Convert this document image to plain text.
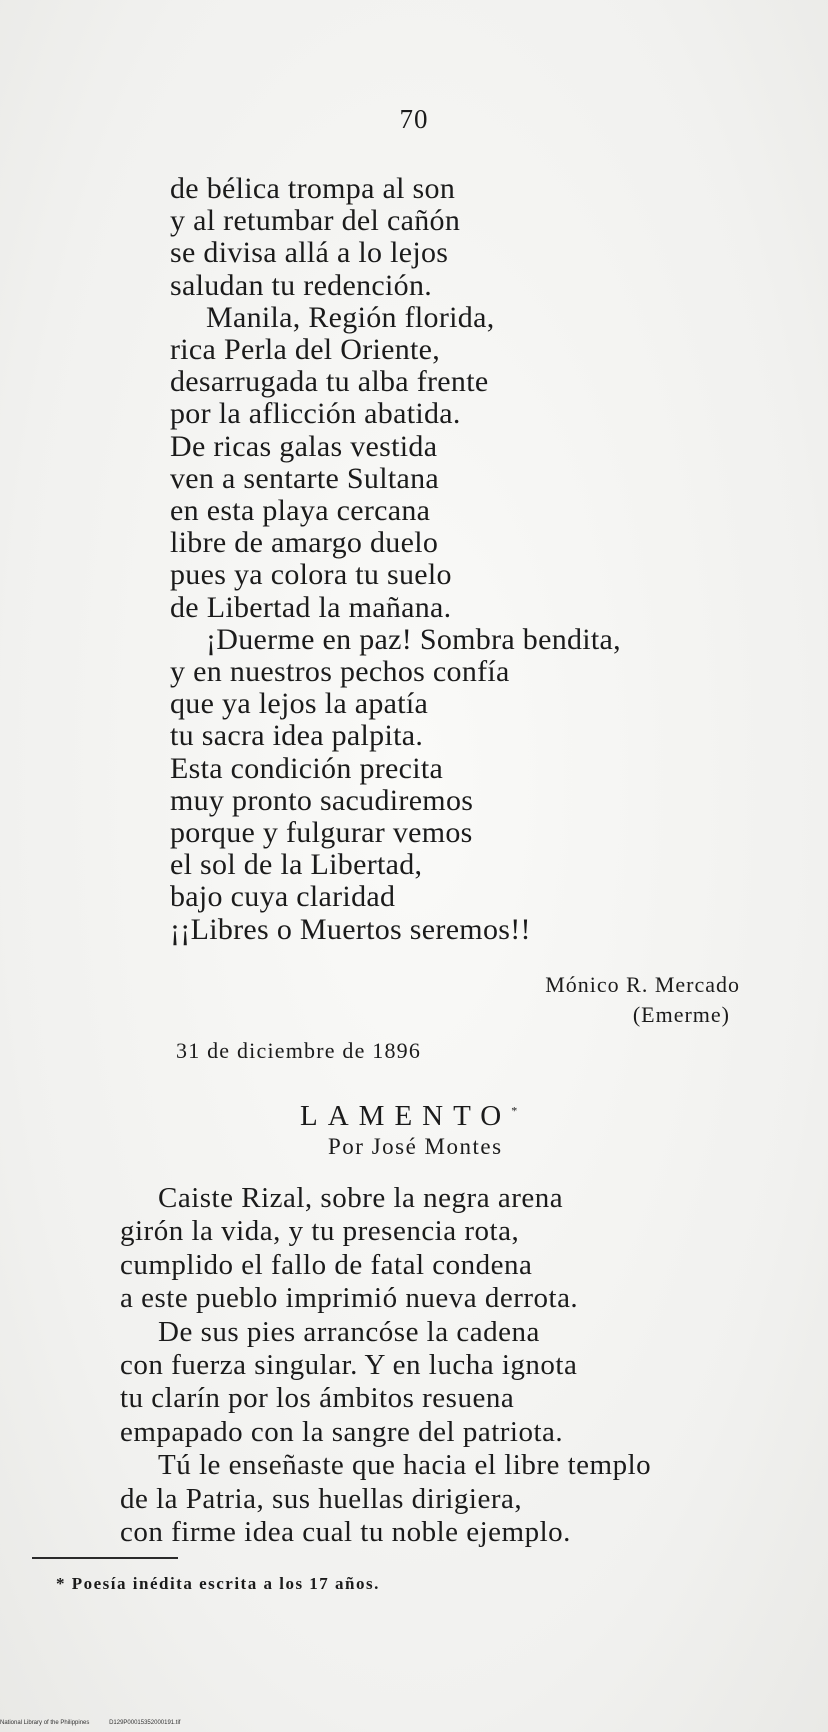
70
de bélica trompa al son
y al retumbar del cañón
se divisa allá a lo lejos
saludan tu redención.
Manila, Región florida,
rica Perla del Oriente,
desarrugada tu alba frente
por la aflicción abatida.
De ricas galas vestida
ven a sentarte Sultana
en esta playa cercana
libre de amargo duelo
pues ya colora tu suelo
de Libertad la mañana.
¡Duerme en paz! Sombra bendita,
y en nuestros pechos confía
que ya lejos la apatía
tu sacra idea palpita.
Esta condición precita
muy pronto sacudiremos
porque y fulgurar vemos
el sol de la Libertad,
bajo cuya claridad
¡¡Libres o Muertos seremos!!
Mónico R. Mercado
(Emerme)
31 de diciembre de 1896
LAMENTO*
Por José Montes
Caiste Rizal, sobre la negra arena
girón la vida, y tu presencia rota,
cumplido el fallo de fatal condena
a este pueblo imprimió nueva derrota.
De sus pies arrancóse la cadena
con fuerza singular. Y en lucha ignota
tu clarín por los ámbitos resuena
empapado con la sangre del patriota.
Tú le enseñaste que hacia el libre templo
de la Patria, sus huellas dirigiera,
con firme idea cual tu noble ejemplo.
* Poesía inédita escrita a los 17 años.
National Library of the Philippines	D129P00015352000191.tif
